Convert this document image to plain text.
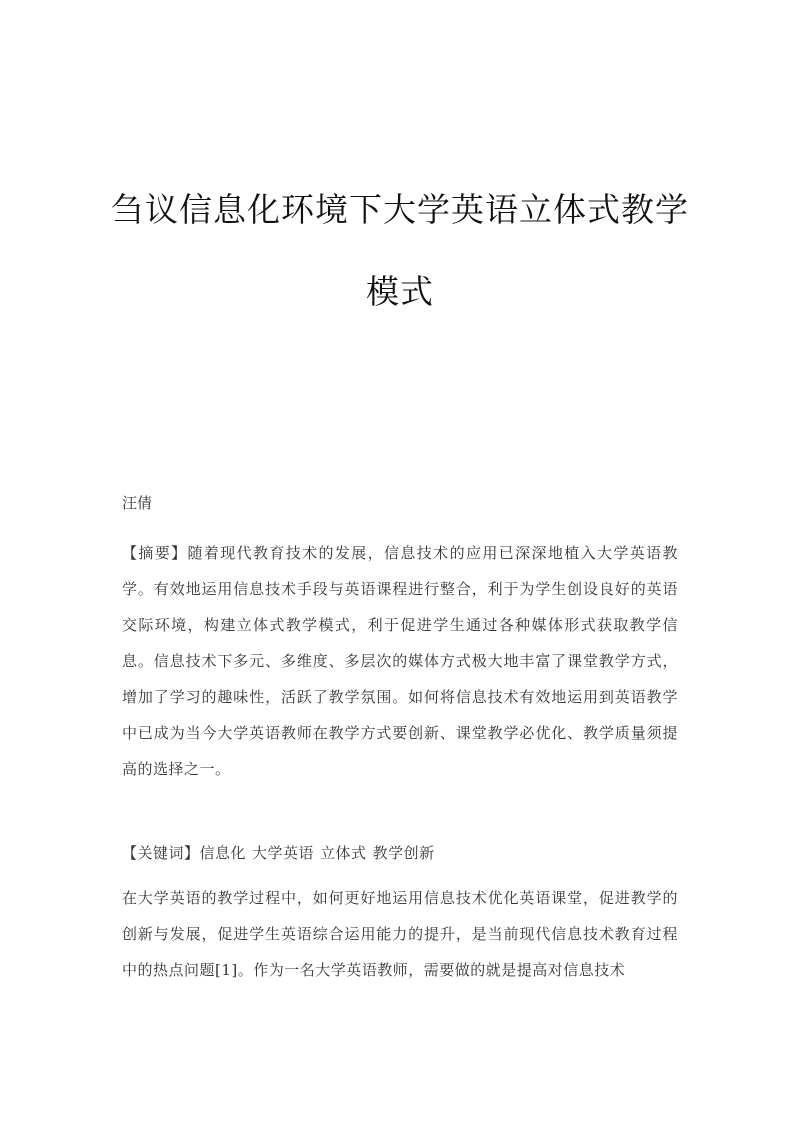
刍议信息化环境下大学英语立体式教学
模式
汪倩

【摘要】随着现代教育技术的发展，信息技术的应用已深深地植入大学英语教学。有效地运用信息技术手段与英语课程进行整合，利于为学生创设良好的英语交际环境，构建立体式教学模式，利于促进学生通过各种媒体形式获取教学信息。信息技术下多元、多维度、多层次的媒体方式极大地丰富了课堂教学方式，增加了学习的趣味性，活跃了教学氛围。如何将信息技术有效地运用到英语教学中已成为当今大学英语教师在教学方式要创新、课堂教学必优化、教学质量须提高的选择之一。

【关键词】信息化 大学英语 立体式 教学创新

在大学英语的教学过程中，如何更好地运用信息技术优化英语课堂，促进教学的创新与发展，促进学生英语综合运用能力的提升，是当前现代信息技术教育过程中的热点问题[1]。作为一名大学英语教师，需要做的就是提高对信息技术
